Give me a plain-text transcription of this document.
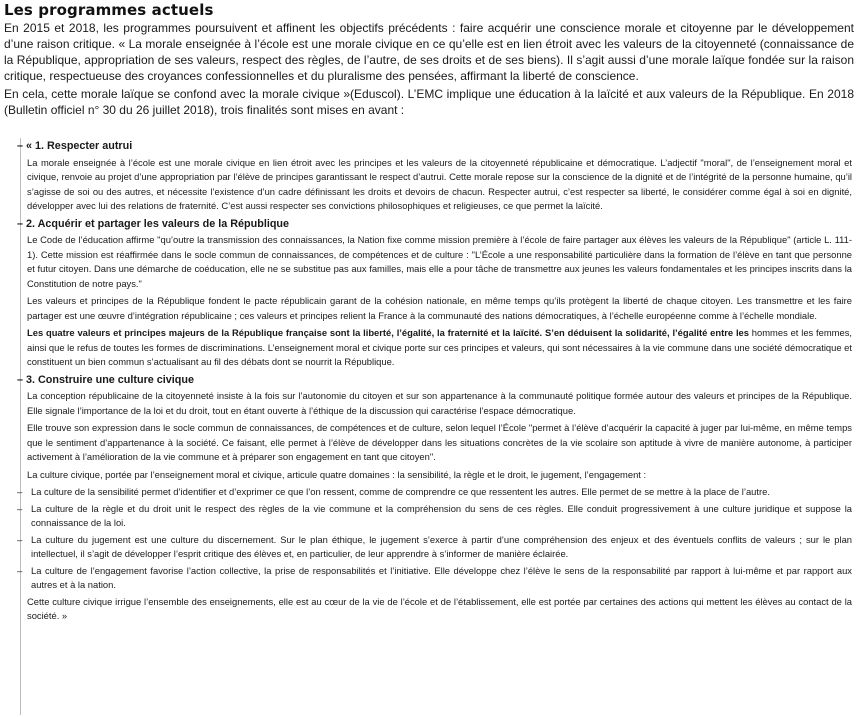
Les programmes actuels

En 2015 et 2018, les programmes poursuivent et affinent les objectifs précédents : faire acquérir une conscience morale et citoyenne par le développement d’une raison critique. « La morale enseignée à l’école est une morale civique en ce qu’elle est en lien étroit avec les valeurs de la citoyenneté (connaissance de la République, appropriation de ses valeurs, respect des règles, de l’autre, de ses droits et de ses biens). Il s’agit aussi d’une morale laïque fondée sur la raison critique, respectueuse des croyances confessionnelles et du pluralisme des pensées, affirmant la liberté de conscience.

En cela, cette morale laïque se confond avec la morale civique »(Eduscol). L’EMC implique une éducation à la laïcité et aux valeurs de la République. En 2018 (Bulletin officiel n° 30 du 26 juillet 2018), trois finalités sont mises en avant :

– « 1. Respecter autrui

La morale enseignée à l’école est une morale civique en lien étroit avec les principes et les valeurs de la citoyenneté républicaine et démocratique. L’adjectif "moral", de l’enseignement moral et civique, renvoie au projet d’une appropriation par l’élève de principes garantissant le respect d’autrui. Cette morale repose sur la conscience de la dignité et de l’intégrité de la personne humaine, qu’il s’agisse de soi ou des autres, et nécessite l’existence d’un cadre définissant les droits et devoirs de chacun. Respecter autrui, c’est respecter sa liberté, le considérer comme égal à soi en dignité, développer avec lui des relations de fraternité. C’est aussi respecter ses convictions philosophiques et religieuses, ce que permet la laïcité.

– 2. Acquérir et partager les valeurs de la République

Le Code de l’éducation affirme "qu’outre la transmission des connaissances, la Nation fixe comme mission première à l’école de faire partager aux élèves les valeurs de la République" (article L. 111-1). Cette mission est réaffirmée dans le socle commun de connaissances, de compétences et de culture : "L’École a une responsabilité particulière dans la formation de l’élève en tant que personne et futur citoyen. Dans une démarche de coéducation, elle ne se substitue pas aux familles, mais elle a pour tâche de transmettre aux jeunes les valeurs fondamentales et les principes inscrits dans la Constitution de notre pays."

Les valeurs et principes de la République fondent le pacte républicain garant de la cohésion nationale, en même temps qu’ils protègent la liberté de chaque citoyen. Les transmettre et les faire partager est une œuvre d’intégration républicaine ; ces valeurs et principes relient la France à la communauté des nations démocratiques, à l’échelle européenne comme à l’échelle mondiale.

Les quatre valeurs et principes majeurs de la République française sont la liberté, l’égalité, la fraternité et la laïcité. S’en déduisent la solidarité, l’égalité entre les hommes et les femmes, ainsi que le refus de toutes les formes de discriminations. L’enseignement moral et civique porte sur ces principes et valeurs, qui sont nécessaires à la vie commune dans une société démocratique et constituent un bien commun s’actualisant au fil des débats dont se nourrit la République.

– 3. Construire une culture civique

La conception républicaine de la citoyenneté insiste à la fois sur l’autonomie du citoyen et sur son appartenance à la communauté politique formée autour des valeurs et principes de la République. Elle signale l’importance de la loi et du droit, tout en étant ouverte à l’éthique de la discussion qui caractérise l’espace démocratique.

Elle trouve son expression dans le socle commun de connaissances, de compétences et de culture, selon lequel l’École "permet à l’élève d’acquérir la capacité à juger par lui-même, en même temps que le sentiment d’appartenance à la société. Ce faisant, elle permet à l’élève de développer dans les situations concrètes de la vie scolaire son aptitude à vivre de manière autonome, à participer activement à l’amélioration de la vie commune et à préparer son engagement en tant que citoyen".

La culture civique, portée par l’enseignement moral et civique, articule quatre domaines : la sensibilité, la règle et le droit, le jugement, l’engagement :

– La culture de la sensibilité permet d’identifier et d’exprimer ce que l’on ressent, comme de comprendre ce que ressentent les autres. Elle permet de se mettre à la place de l’autre.
– La culture de la règle et du droit unit le respect des règles de la vie commune et la compréhension du sens de ces règles. Elle conduit progressivement à une culture juridique et suppose la connaissance de la loi.
– La culture du jugement est une culture du discernement. Sur le plan éthique, le jugement s’exerce à partir d’une compréhension des enjeux et des éventuels conflits de valeurs ; sur le plan intellectuel, il s’agit de développer l’esprit critique des élèves et, en particulier, de leur apprendre à s’informer de manière éclairée.
– La culture de l’engagement favorise l’action collective, la prise de responsabilités et l’initiative. Elle développe chez l’élève le sens de la responsabilité par rapport à lui-même et par rapport aux autres et à la nation.

Cette culture civique irrigue l’ensemble des enseignements, elle est au cœur de la vie de l’école et de l’établissement, elle est portée par certaines des actions qui mettent les élèves au contact de la société. »
